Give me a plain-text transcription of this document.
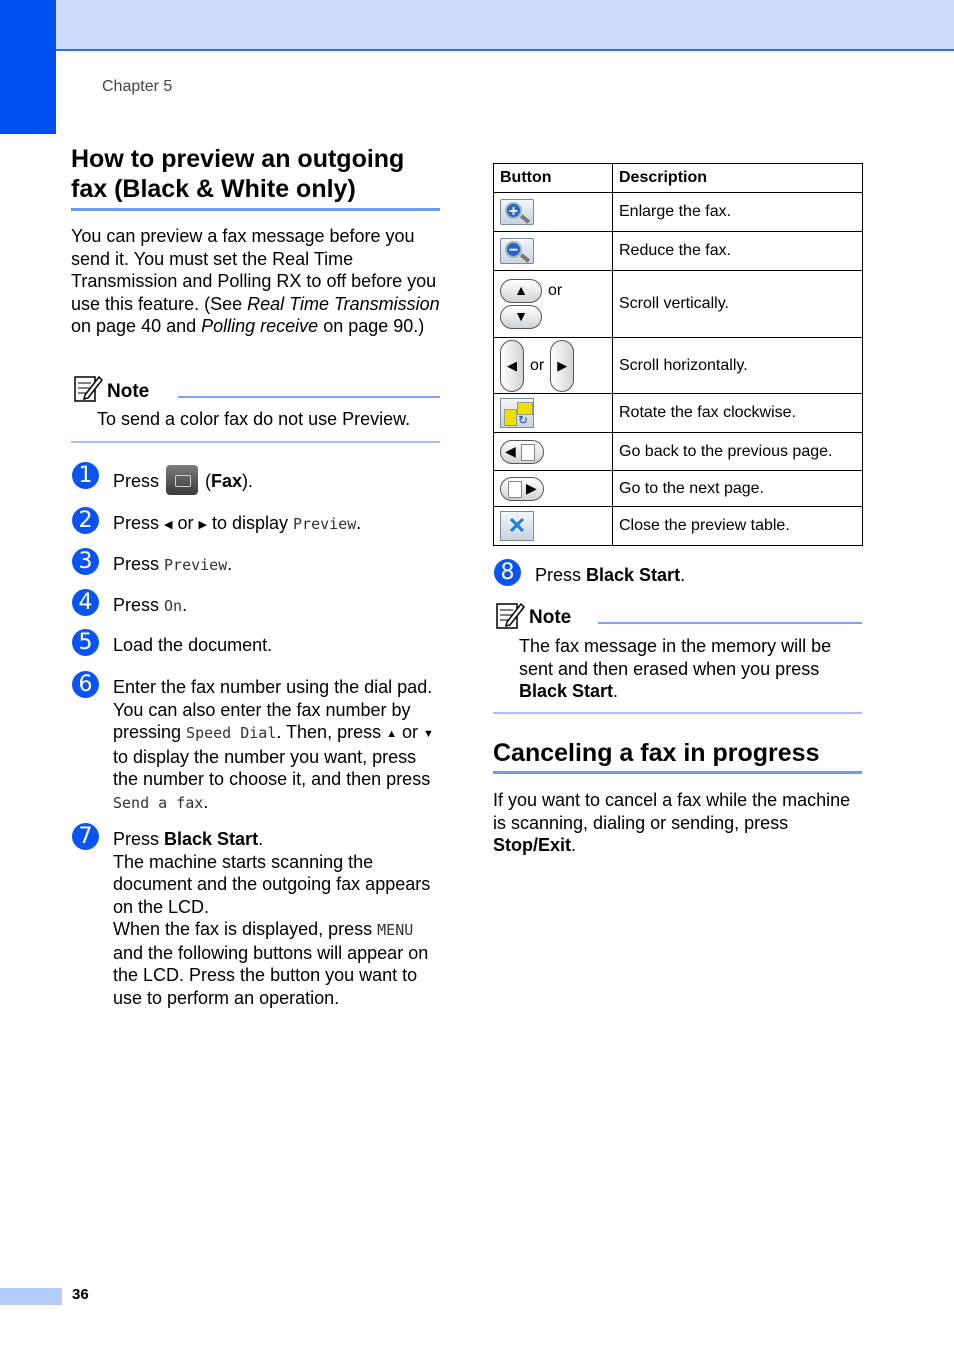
Chapter 5
How to preview an outgoing
fax (Black & White only)

You can preview a fax message before you send it. You must set the Real Time Transmission and Polling RX to off before you use this feature. (See Real Time Transmission on page 40 and Polling receive on page 90.)

Note
To send a color fax do not use Preview.
1	Press  (Fax).
2	Press ◀ or ▶ to display Preview.
3	Press Preview.
4	Press On.
5	Load the document.
6	Enter the fax number using the dial pad. You can also enter the fax number by pressing Speed Dial. Then, press ▲ or ▼ to display the number you want, press the number to choose it, and then press Send a fax.
7	Press Black Start.
The machine starts scanning the document and the outgoing fax appears on the LCD.
When the fax is displayed, press MENU and the following buttons will appear on the LCD. Press the button you want to use to perform an operation.
Button	Description

+	Enlarge the fax.

−	Reduce the fax.

▲ or
▼	Scroll vertically.
◀ or ▶	Scroll horizontally.

↻	Rotate the fax clockwise.

◀	Go back to the previous page.

▶	Go to the next page.
✕	Close the preview table.
8	Press Black Start.
Note
The fax message in the memory will be sent and then erased when you press Black Start.
Canceling a fax in progress

If you want to cancel a fax while the machine is scanning, dialing or sending, press Stop/Exit.

36
